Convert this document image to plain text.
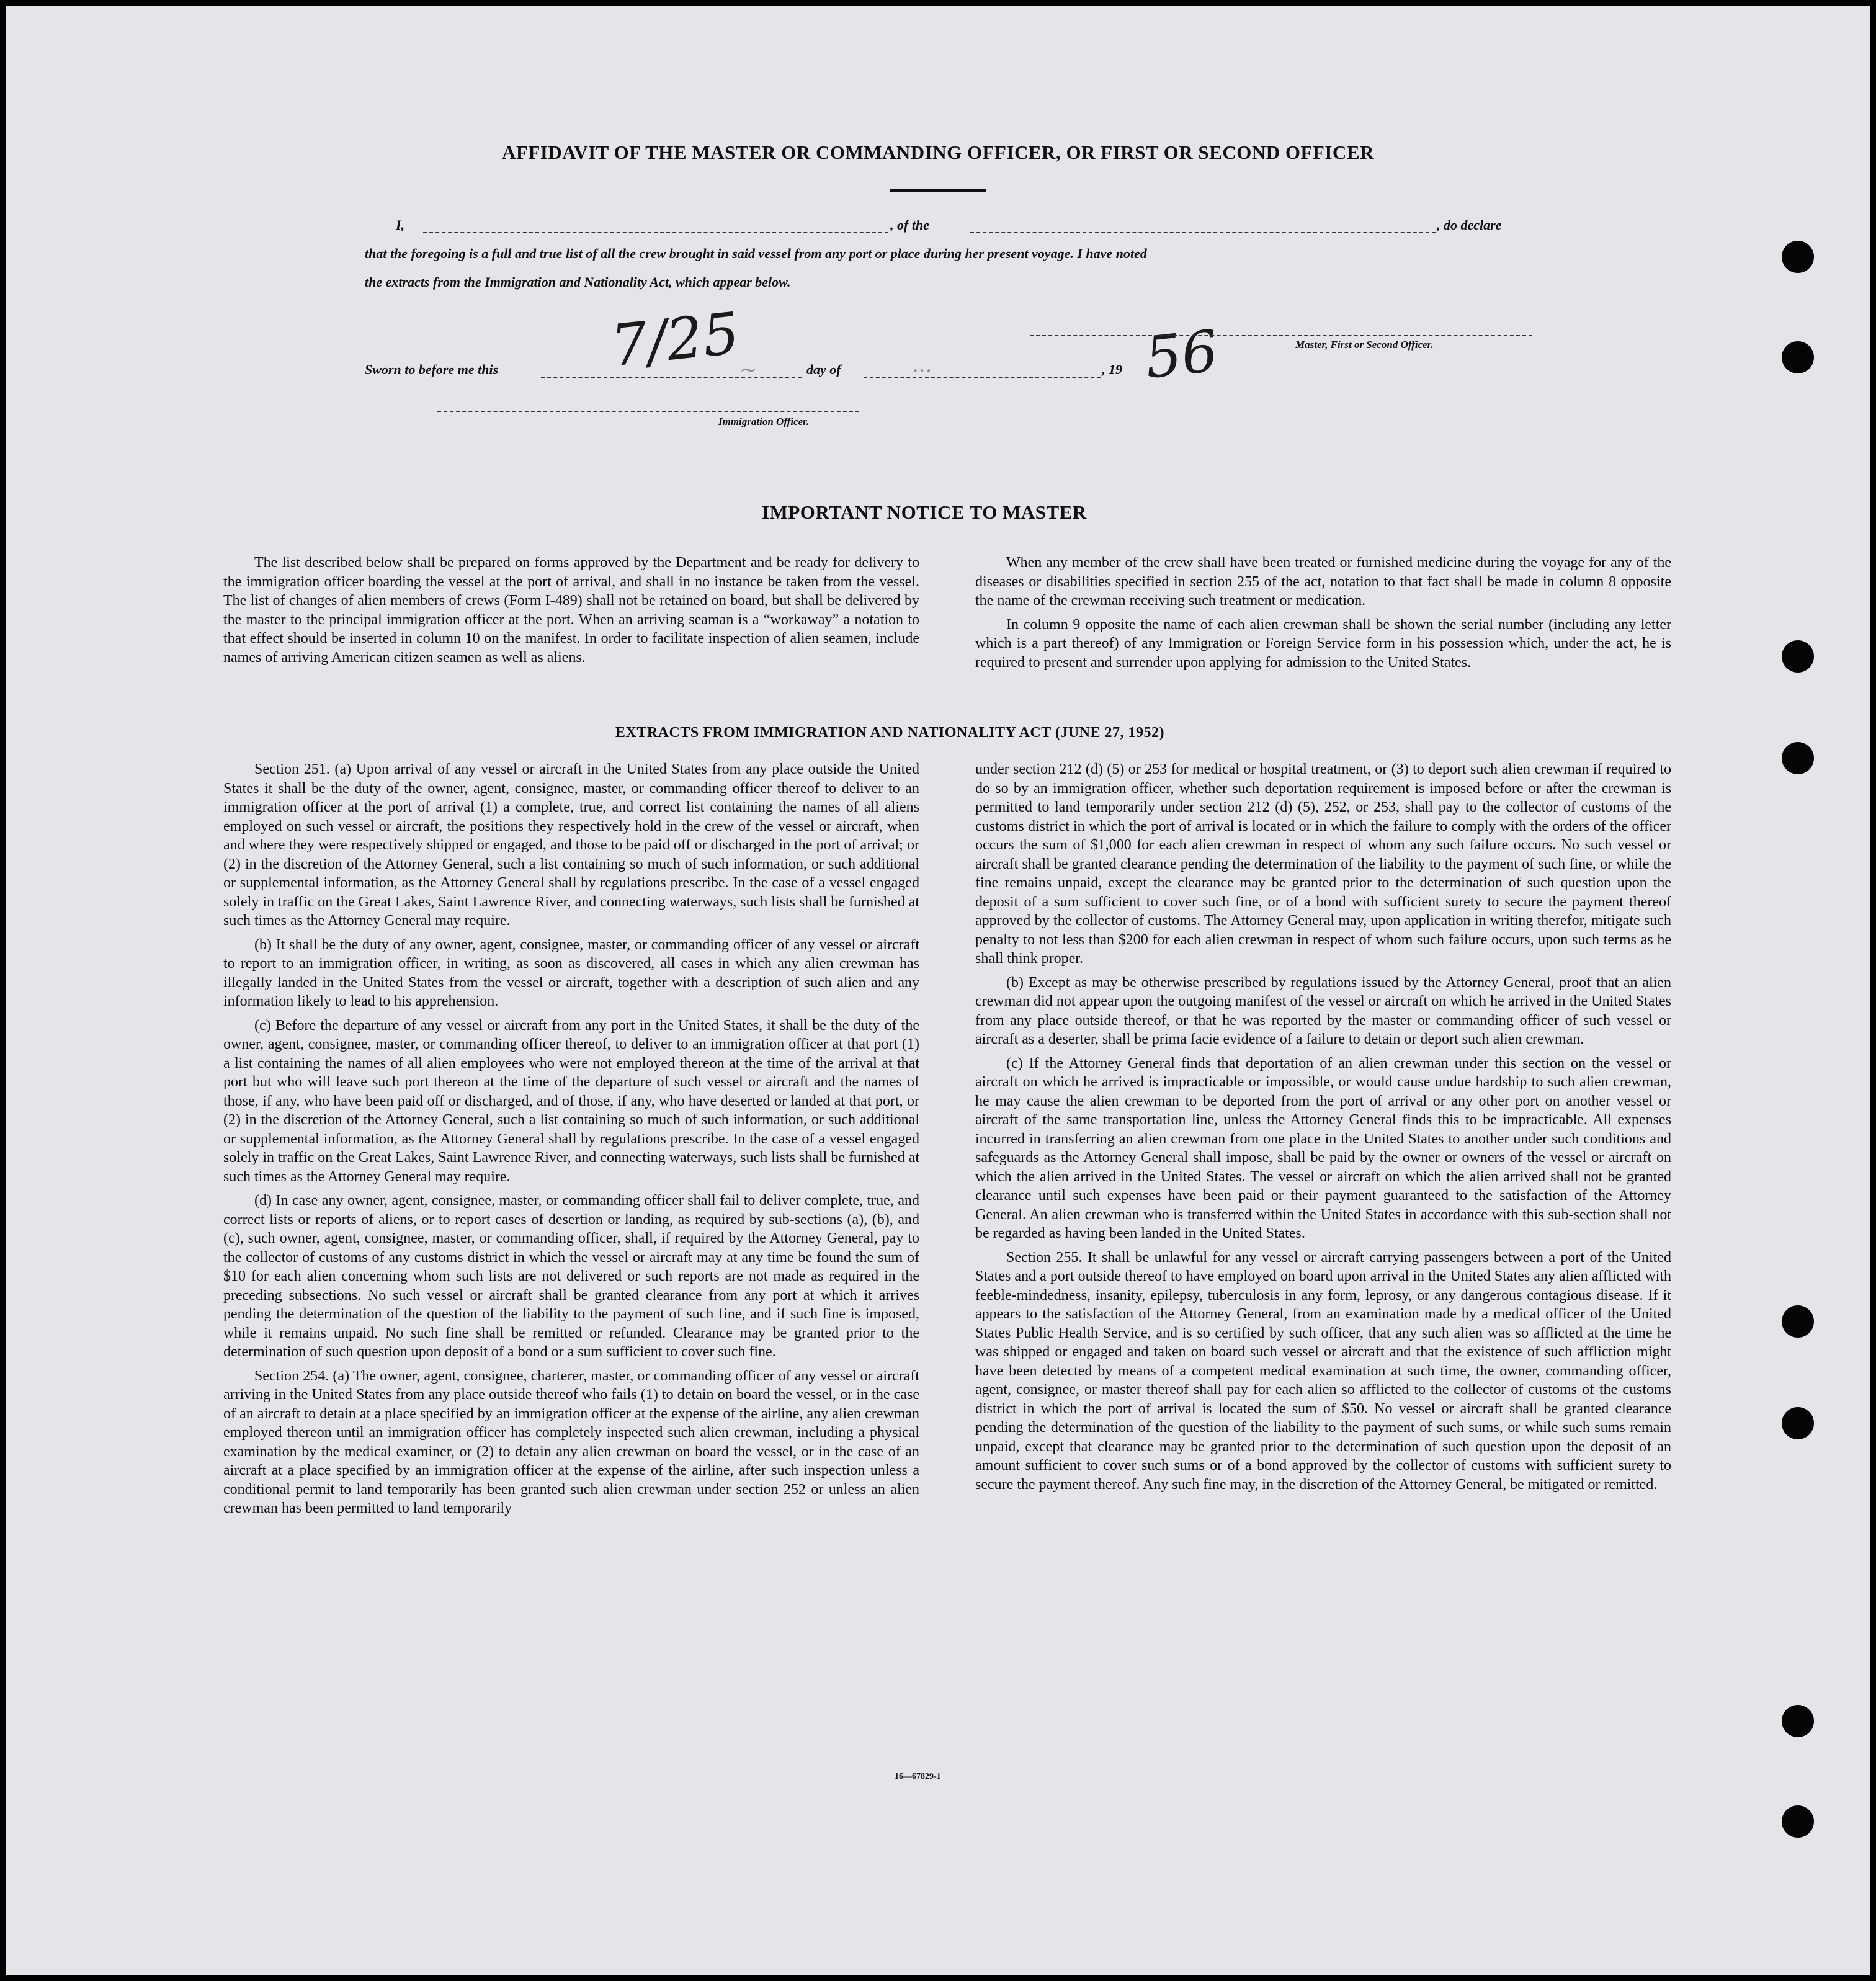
AFFIDAVIT OF THE MASTER OR COMMANDING OFFICER, OR FIRST OR SECOND OFFICER
I,	, of the	, do declare
that the foregoing is a full and true list of all the crew brought in said vessel from any port or place during her present voyage. I have noted
the extracts from the Immigration and Nationality Act, which appear below.
Sworn to before me this 7/25
~	day of	...	, 19 56	Master, First or Second Officer.
Immigration Officer.
IMPORTANT NOTICE TO MASTER

The list described below shall be prepared on forms approved by the Department and be ready for delivery to the immigration officer boarding the vessel at the port of arrival, and shall in no instance be taken from the vessel. The list of changes of alien members of crews (Form I-489) shall not be retained on board, but shall be delivered by the master to the principal immigration officer at the port. When an arriving seaman is a “workaway” a notation to that effect should be inserted in column 10 on the manifest. In order to facilitate inspection of alien seamen, include names of arriving American citizen seamen as well as aliens.

When any member of the crew shall have been treated or furnished medicine during the voyage for any of the diseases or disabilities specified in section 255 of the act, notation to that fact shall be made in column 8 opposite the name of the crewman receiving such treatment or medication.

In column 9 opposite the name of each alien crewman shall be shown the serial number (including any letter which is a part thereof) of any Immigration or Foreign Service form in his possession which, under the act, he is required to present and surrender upon applying for admission to the United States.

EXTRACTS FROM IMMIGRATION AND NATIONALITY ACT (JUNE 27, 1952)

Section 251. (a) Upon arrival of any vessel or aircraft in the United States from any place outside the United States it shall be the duty of the owner, agent, consignee, master, or commanding officer thereof to deliver to an immigration officer at the port of arrival (1) a complete, true, and correct list containing the names of all aliens employed on such vessel or aircraft, the positions they respectively hold in the crew of the vessel or aircraft, when and where they were respectively shipped or engaged, and those to be paid off or discharged in the port of arrival; or (2) in the discretion of the Attorney General, such a list containing so much of such information, or such additional or supplemental information, as the Attorney General shall by regulations prescribe. In the case of a vessel engaged solely in traffic on the Great Lakes, Saint Lawrence River, and connecting waterways, such lists shall be furnished at such times as the Attorney General may require.

(b) It shall be the duty of any owner, agent, consignee, master, or commanding officer of any vessel or aircraft to report to an immigration officer, in writing, as soon as discovered, all cases in which any alien crewman has illegally landed in the United States from the vessel or aircraft, together with a description of such alien and any information likely to lead to his apprehension.

(c) Before the departure of any vessel or aircraft from any port in the United States, it shall be the duty of the owner, agent, consignee, master, or commanding officer thereof, to deliver to an immigration officer at that port (1) a list containing the names of all alien employees who were not employed thereon at the time of the arrival at that port but who will leave such port thereon at the time of the departure of such vessel or aircraft and the names of those, if any, who have been paid off or discharged, and of those, if any, who have deserted or landed at that port, or (2) in the discretion of the Attorney General, such a list containing so much of such information, or such additional or supplemental information, as the Attorney General shall by regulations prescribe. In the case of a vessel engaged solely in traffic on the Great Lakes, Saint Lawrence River, and connecting waterways, such lists shall be furnished at such times as the Attorney General may require.

(d) In case any owner, agent, consignee, master, or commanding officer shall fail to deliver complete, true, and correct lists or reports of aliens, or to report cases of desertion or landing, as required by sub-sections (a), (b), and (c), such owner, agent, consignee, master, or commanding officer, shall, if required by the Attorney General, pay to the collector of customs of any customs district in which the vessel or aircraft may at any time be found the sum of $10 for each alien concerning whom such lists are not delivered or such reports are not made as required in the preceding subsections. No such vessel or aircraft shall be granted clearance from any port at which it arrives pending the determination of the question of the liability to the payment of such fine, and if such fine is imposed, while it remains unpaid. No such fine shall be remitted or refunded. Clearance may be granted prior to the determination of such question upon deposit of a bond or a sum sufficient to cover such fine.

Section 254. (a) The owner, agent, consignee, charterer, master, or commanding officer of any vessel or aircraft arriving in the United States from any place outside thereof who fails (1) to detain on board the vessel, or in the case of an aircraft to detain at a place specified by an immigration officer at the expense of the airline, any alien crewman employed thereon until an immigration officer has completely inspected such alien crewman, including a physical examination by the medical examiner, or (2) to detain any alien crewman on board the vessel, or in the case of an aircraft at a place specified by an immigration officer at the expense of the airline, after such inspection unless a conditional permit to land temporarily has been granted such alien crewman under section 252 or unless an alien crewman has been permitted to land temporarily

under section 212 (d) (5) or 253 for medical or hospital treatment, or (3) to deport such alien crewman if required to do so by an immigration officer, whether such deportation requirement is imposed before or after the crewman is permitted to land temporarily under section 212 (d) (5), 252, or 253, shall pay to the collector of customs of the customs district in which the port of arrival is located or in which the failure to comply with the orders of the officer occurs the sum of $1,000 for each alien crewman in respect of whom any such failure occurs. No such vessel or aircraft shall be granted clearance pending the determination of the liability to the payment of such fine, or while the fine remains unpaid, except the clearance may be granted prior to the determination of such question upon the deposit of a sum sufficient to cover such fine, or of a bond with sufficient surety to secure the payment thereof approved by the collector of customs. The Attorney General may, upon application in writing therefor, mitigate such penalty to not less than $200 for each alien crewman in respect of whom such failure occurs, upon such terms as he shall think proper.

(b) Except as may be otherwise prescribed by regulations issued by the Attorney General, proof that an alien crewman did not appear upon the outgoing manifest of the vessel or aircraft on which he arrived in the United States from any place outside thereof, or that he was reported by the master or commanding officer of such vessel or aircraft as a deserter, shall be prima facie evidence of a failure to detain or deport such alien crewman.

(c) If the Attorney General finds that deportation of an alien crewman under this section on the vessel or aircraft on which he arrived is impracticable or impossible, or would cause undue hardship to such alien crewman, he may cause the alien crewman to be deported from the port of arrival or any other port on another vessel or aircraft of the same transportation line, unless the Attorney General finds this to be impracticable. All expenses incurred in transferring an alien crewman from one place in the United States to another under such conditions and safeguards as the Attorney General shall impose, shall be paid by the owner or owners of the vessel or aircraft on which the alien arrived in the United States. The vessel or aircraft on which the alien arrived shall not be granted clearance until such expenses have been paid or their payment guaranteed to the satisfaction of the Attorney General. An alien crewman who is transferred within the United States in accordance with this sub-section shall not be regarded as having been landed in the United States.

Section 255. It shall be unlawful for any vessel or aircraft carrying passengers between a port of the United States and a port outside thereof to have employed on board upon arrival in the United States any alien afflicted with feeble-mindedness, insanity, epilepsy, tuberculosis in any form, leprosy, or any dangerous contagious disease. If it appears to the satisfaction of the Attorney General, from an examination made by a medical officer of the United States Public Health Service, and is so certified by such officer, that any such alien was so afflicted at the time he was shipped or engaged and taken on board such vessel or aircraft and that the existence of such affliction might have been detected by means of a competent medical examination at such time, the owner, commanding officer, agent, consignee, or master thereof shall pay for each alien so afflicted to the collector of customs of the customs district in which the port of arrival is located the sum of $50. No vessel or aircraft shall be granted clearance pending the determination of the question of the liability to the payment of such sums, or while such sums remain unpaid, except that clearance may be granted prior to the determination of such question upon the deposit of an amount sufficient to cover such sums or of a bond approved by the collector of customs with sufficient surety to secure the payment thereof. Any such fine may, in the discretion of the Attorney General, be mitigated or remitted.

16—67829-1
